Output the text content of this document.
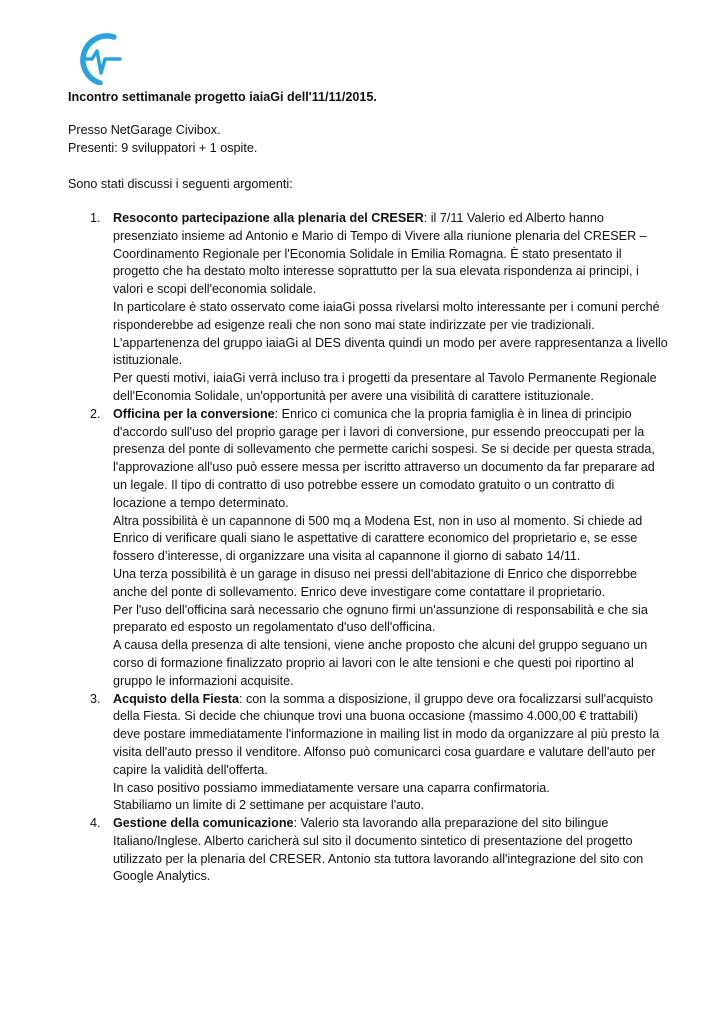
Incontro settimanale progetto iaiaGi dell'11/11/2015.

Presso NetGarage Civibox.

Presenti: 9 sviluppatori + 1 ospite.

Sono stati discussi i seguenti argomenti:

1. Resoconto partecipazione alla plenaria del CRESER: il 7/11 Valerio ed Alberto hanno presenziato insieme ad Antonio e Mario di Tempo di Vivere alla riunione plenaria del CRESER – Coordinamento Regionale per l'Economia Solidale in Emilia Romagna. È stato presentato il progetto che ha destato molto interesse soprattutto per la sua elevata rispondenza ai principi, i valori e scopi dell'economia solidale.

In particolare è stato osservato come iaiaGi possa rivelarsi molto interessante per i comuni perché risponderebbe ad esigenze reali che non sono mai state indirizzate per vie tradizionali. L'appartenenza del gruppo iaiaGi al DES diventa quindi un modo per avere rappresentanza a livello istituzionale.

Per questi motivi, iaiaGi verrà incluso tra i progetti da presentare al Tavolo Permanente Regionale dell'Economia Solidale, un'opportunità per avere una visibilità di carattere istituzionale.

2. Officina per la conversione: Enrico ci comunica che la propria famiglia è in linea di principio d'accordo sull'uso del proprio garage per i lavori di conversione, pur essendo preoccupati per la presenza del ponte di sollevamento che permette carichi sospesi. Se si decide per questa strada, l'approvazione all'uso può essere messa per iscritto attraverso un documento da far preparare ad un legale. Il tipo di contratto di uso potrebbe essere un comodato gratuito o un contratto di locazione a tempo determinato.

Altra possibilità è un capannone di 500 mq a Modena Est, non in uso al momento. Si chiede ad Enrico di verificare quali siano le aspettative di carattere economico del proprietario e, se esse fossero d’interesse, di organizzare una visita al capannone il giorno di sabato 14/11.

Una terza possibilità è un garage in disuso nei pressi dell'abitazione di Enrico che disporrebbe anche del ponte di sollevamento. Enrico deve investigare come contattare il proprietario.

Per l'uso dell'officina sarà necessario che ognuno firmi un'assunzione di responsabilità e che sia preparato ed esposto un regolamentato d'uso dell'officina.

A causa della presenza di alte tensioni, viene anche proposto che alcuni del gruppo seguano un corso di formazione finalizzato proprio ai lavori con le alte tensioni e che questi poi riportino al gruppo le informazioni acquisite.

3. Acquisto della Fiesta: con la somma a disposizione, il gruppo deve ora focalizzarsi sull'acquisto della Fiesta. Si decide che chiunque trovi una buona occasione (massimo 4.000,00 € trattabili) deve postare immediatamente l'informazione in mailing list in modo da organizzare al più presto la visita dell'auto presso il venditore. Alfonso può comunicarci cosa guardare e valutare dell'auto per capire la validità dell'offerta.

In caso positivo possiamo immediatamente versare una caparra confirmatoria.

Stabiliamo un limite di 2 settimane per acquistare l'auto.

4. Gestione della comunicazione: Valerio sta lavorando alla preparazione del sito bilingue Italiano/Inglese. Alberto caricherà sul sito il documento sintetico di presentazione del progetto utilizzato per la plenaria del CRESER. Antonio sta tuttora lavorando all'integrazione del sito con Google Analytics.
